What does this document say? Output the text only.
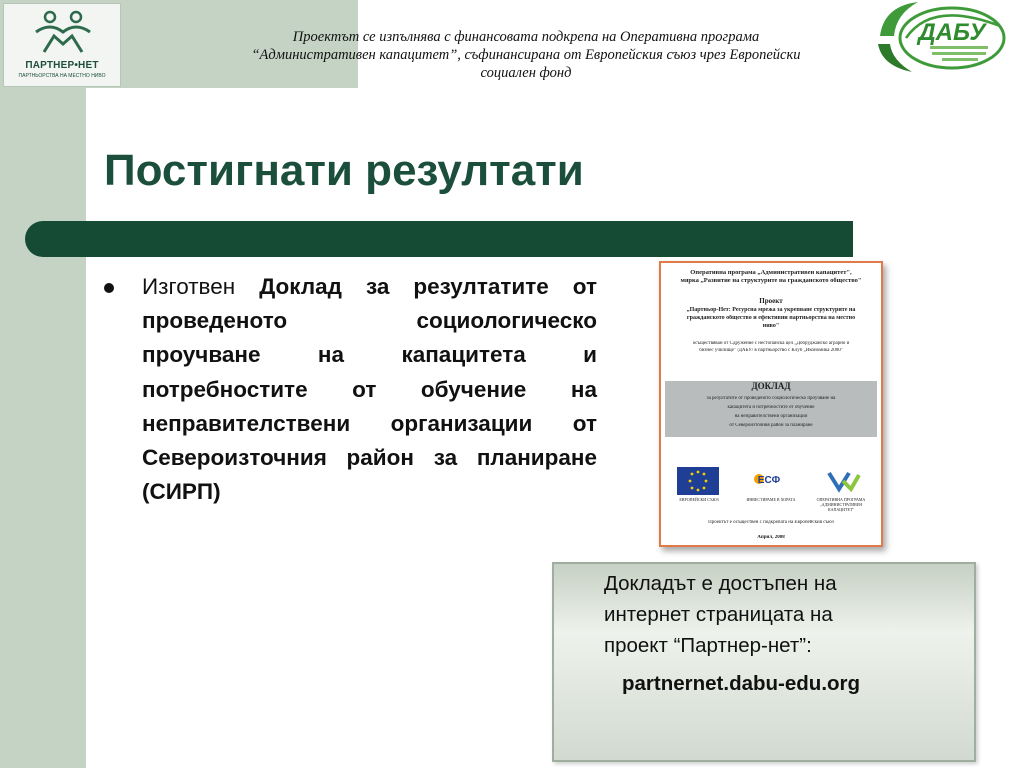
ПАРТНЕР•НЕТ
ПАРТНЬОРСТВА НА МЕСТНО НИВО
Проектът се изпълнява с финансовата подкрепа на Оперативна програма
“Административен капацитет”, съфинансирана от Европейския съюз чрез Европейски
социален фонд
ДАБУ
Постигнати резултати
Изготвен Доклад за резултатите от проведеното социологическо проучване на капацитета и потребностите от обучение на неправителствени организации от Североизточния район за планиране (СИРП)
Оперативна програма „Административен капацитет",
мярка „Развитие на структурите на гражданското общество"
Проект
„Партньор-Нет: Ресурсна мрежа за укрепване структурите на
гражданското общество и ефективни партньорства на местно
ниво"
осъществяван от Сдружение с нестопанска цел „Добруджанско аграрно и
бизнес училище" /ДАБУ/ в партньорство с Клуб „Икономика 2000"
ДОКЛАД
за резултатите от проведеното социологическо проучване на
капацитета и потребностите от обучение
на неправителствени организации
от Североизточния район за планиране
ЕСФ
ЕВРОПЕЙСКИ СЪЮЗ	ИНВЕСТИРАМЕ В ХОРАТА	ОПЕРАТИВНА ПРОГРАМА „АДМИНИСТРАТИВЕН КАПАЦИТЕТ"
Проектът е осъществен с подкрепата на Европейския съюз
Април, 2008
Докладът е достъпен на
интернет страницата на
проект “Партнер-нет”:
partnernet.dabu-edu.org
